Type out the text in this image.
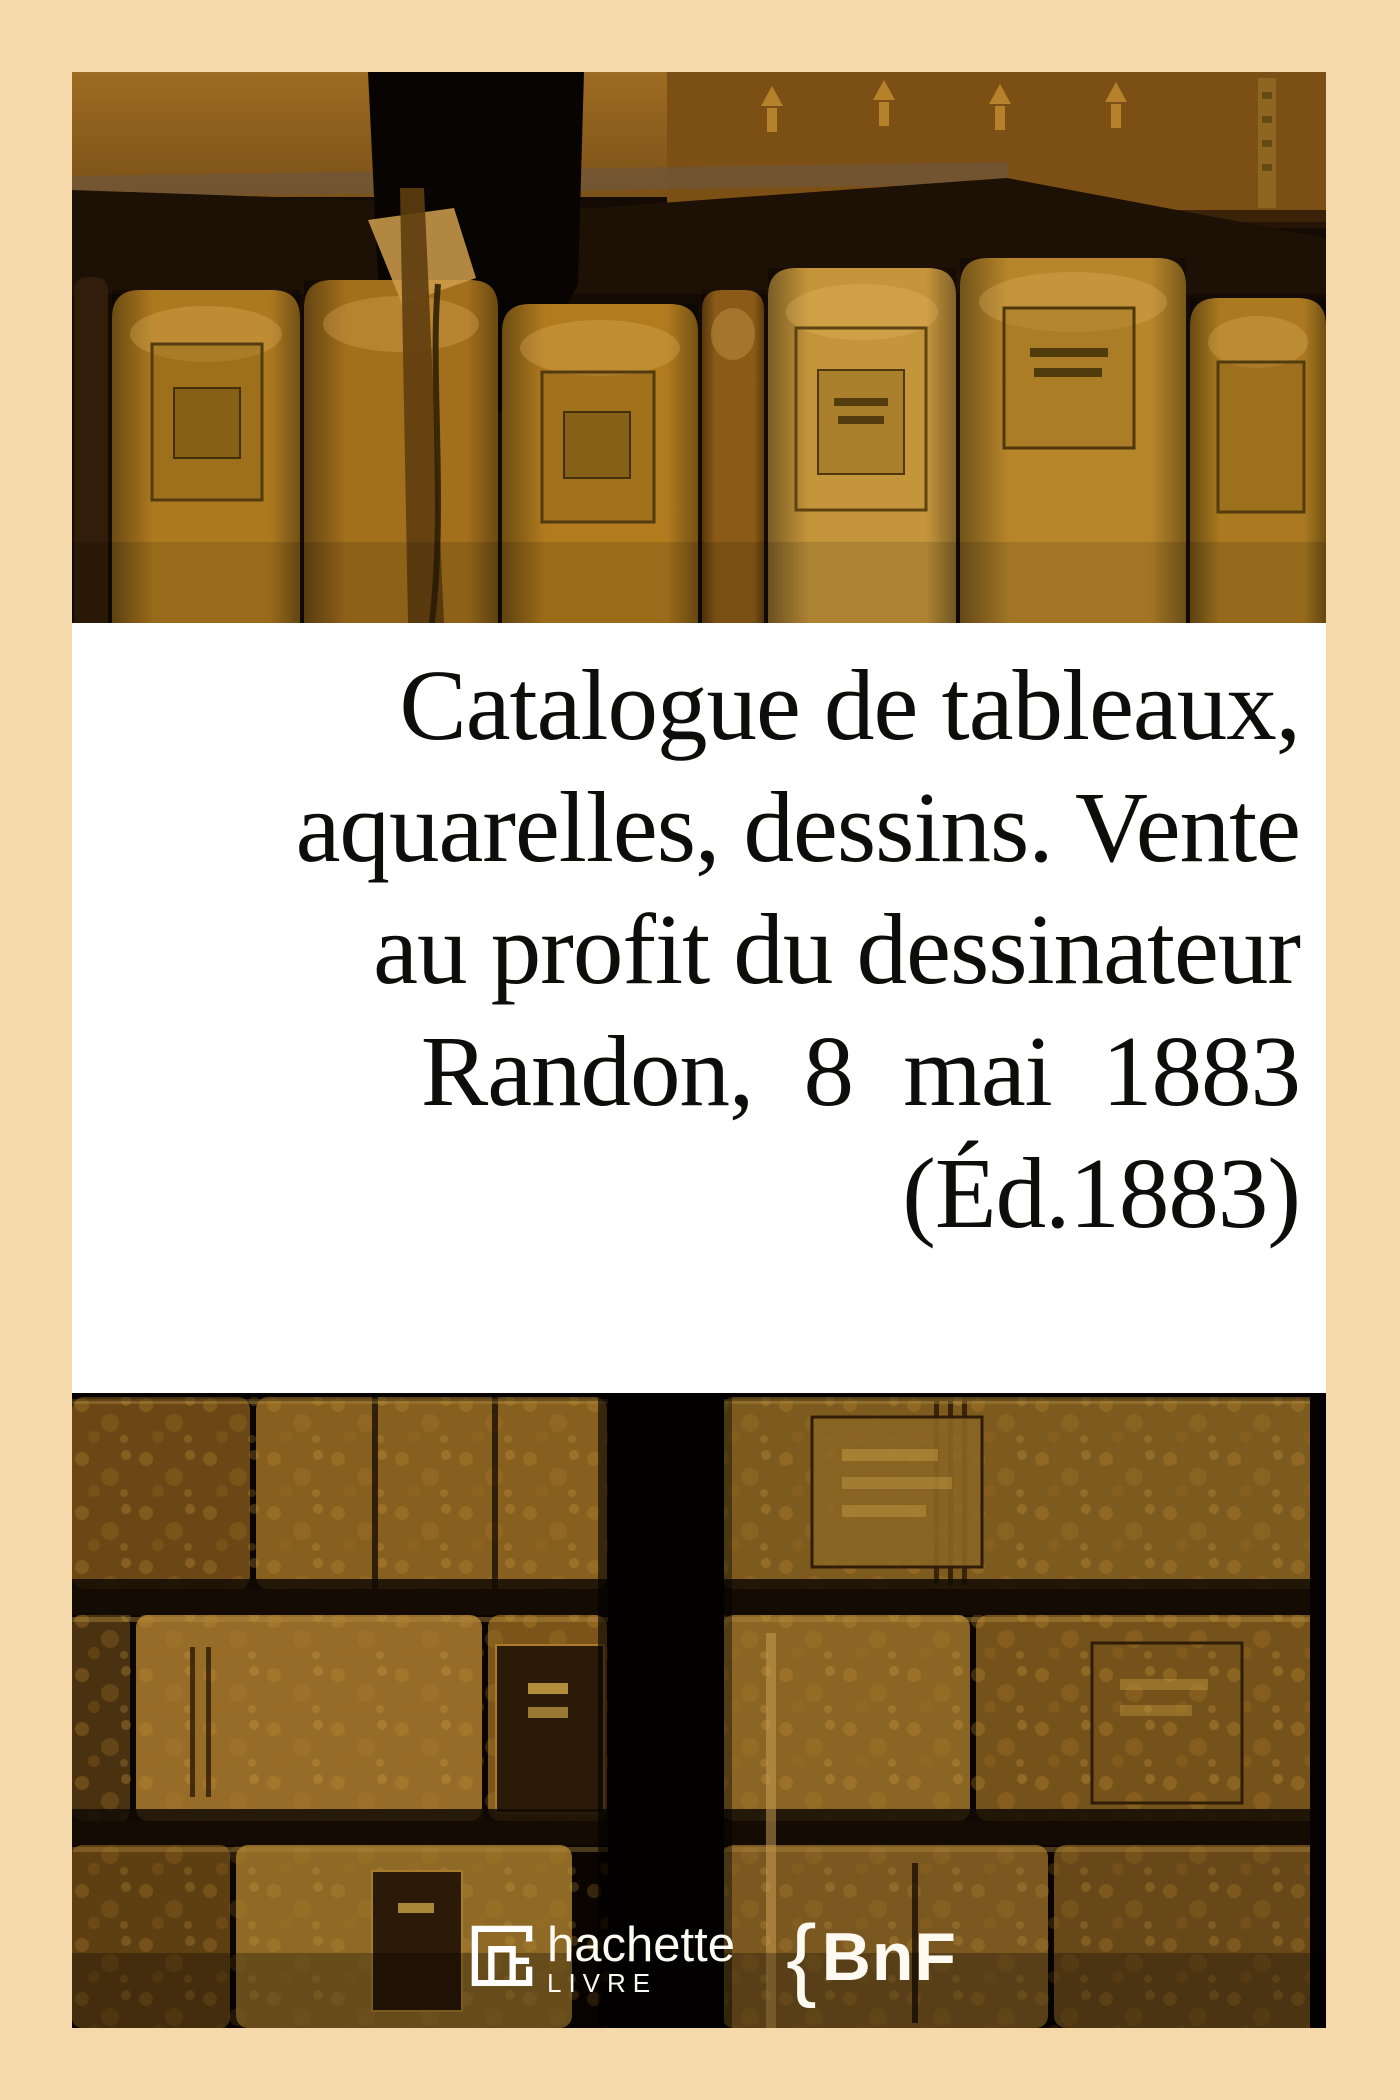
Catalogue de tableaux,
aquarelles, dessins. Vente
au profit du dessinateur
Randon, 8 mai 1883
(Éd.1883)
hachette
LIVRE	{ BnF
